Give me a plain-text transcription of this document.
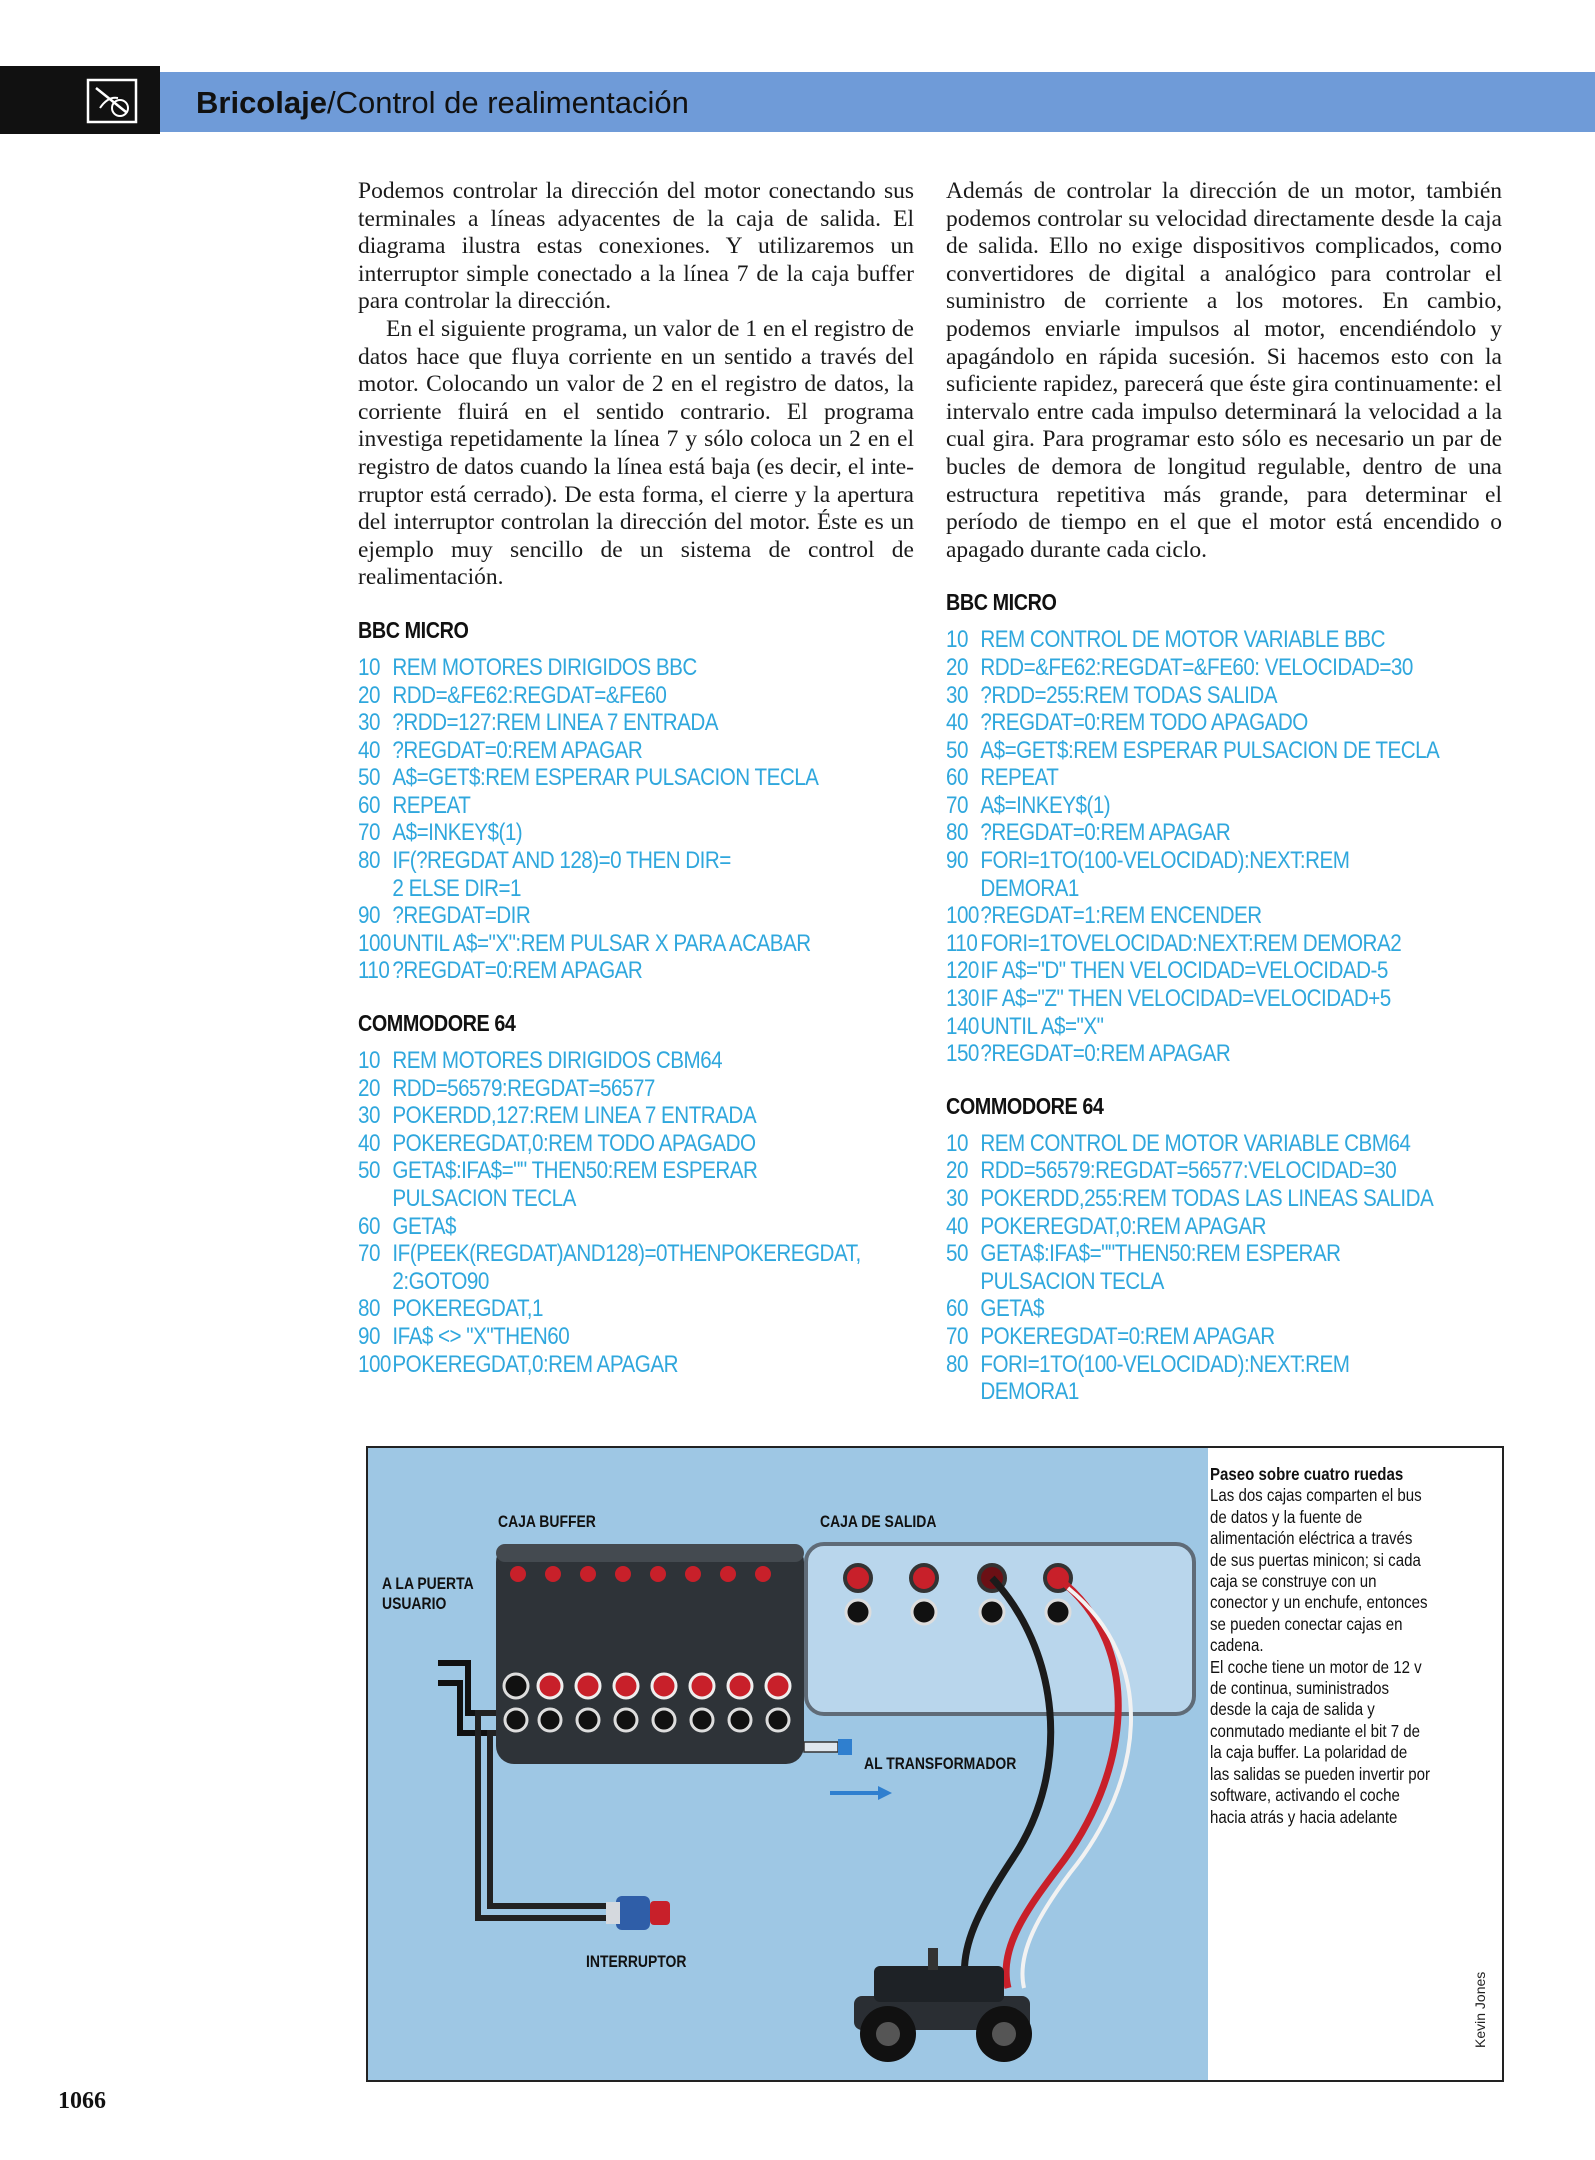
Bricolaje/Control de realimentación

Podemos controlar la dirección del motor conectando sus terminales a líneas adyacentes de la caja de salida. El diagrama ilustra estas conexiones. Y utilizaremos un interruptor simple conectado a la línea 7 de la caja buffer para controlar la dirección.

En el siguiente programa, un valor de 1 en el registro de datos hace que fluya corriente en un sentido a través del motor. Colocando un valor de 2 en el registro de datos, la corriente fluirá en el sentido contrario. El programa investiga repetidamente la línea 7 y sólo coloca un 2 en el registro de datos cuando la línea está baja (es decir, el interruptor está cerrado). De esta forma, el cierre y la apertura del interruptor controlan la dirección del motor. Éste es un ejemplo muy sencillo de un sistema de control de realimentación.

BBC MICRO
10 REM MOTORES DIRIGIDOS BBC
20 RDD=&FE62:REGDAT=&FE60
30 ?RDD=127:REM LINEA 7 ENTRADA
40 ?REGDAT=0:REM APAGAR
50 A$=GET$:REM ESPERAR PULSACION TECLA
60 REPEAT
70 A$=INKEY$(1)
80 IF(?REGDAT AND 128)=0 THEN DIR=
2 ELSE DIR=1
90 ?REGDAT=DIR
100UNTIL A$="X":REM PULSAR X PARA ACABAR
110 ?REGDAT=0:REM APAGAR
COMMODORE 64
10 REM MOTORES DIRIGIDOS CBM64
20 RDD=56579:REGDAT=56577
30 POKERDD,127:REM LINEA 7 ENTRADA
40 POKEREGDAT,0:REM TODO APAGADO
50 GETA$:IFA$="" THEN50:REM ESPERAR
PULSACION TECLA
60 GETA$
70 IF(PEEK(REGDAT)AND128)=0THENPOKEREGDAT,
2:GOTO90
80 POKEREGDAT,1
90 IFA$ <> "X"THEN60
100POKEREGDAT,0:REM APAGAR

Además de controlar la dirección de un motor, también podemos controlar su velocidad directamente desde la caja de salida. Ello no exige dispositivos complicados, como convertidores de digital a analógico para controlar el suministro de corriente a los motores. En cambio, podemos enviarle impulsos al motor, encendiéndolo y apagándolo en rápida sucesión. Si hacemos esto con la suficiente rapidez, parecerá que éste gira continuamente: el intervalo entre cada impulso determinará la velocidad a la cual gira. Para programar esto sólo es necesario un par de bucles de demora de longitud regulable, dentro de una estructura repetitiva más grande, para determinar el período de tiempo en el que el motor está encendido o apagado durante cada ciclo.

BBC MICRO
10 REM CONTROL DE MOTOR VARIABLE BBC
20 RDD=&FE62:REGDAT=&FE60: VELOCIDAD=30
30 ?RDD=255:REM TODAS SALIDA
40 ?REGDAT=0:REM TODO APAGADO
50 A$=GET$:REM ESPERAR PULSACION DE TECLA
60 REPEAT
70 A$=INKEY$(1)
80 ?REGDAT=0:REM APAGAR
90 FORI=1TO(100-VELOCIDAD):NEXT:REM
DEMORA1
100?REGDAT=1:REM ENCENDER
110 FORI=1TOVELOCIDAD:NEXT:REM DEMORA2
120IF A$="D" THEN VELOCIDAD=VELOCIDAD-5
130IF A$="Z" THEN VELOCIDAD=VELOCIDAD+5
140UNTIL A$="X"
150?REGDAT=0:REM APAGAR
COMMODORE 64
10 REM CONTROL DE MOTOR VARIABLE CBM64
20 RDD=56579:REGDAT=56577:VELOCIDAD=30
30 POKERDD,255:REM TODAS LAS LINEAS SALIDA
40 POKEREGDAT,0:REM APAGAR
50 GETA$:IFA$=""THEN50:REM ESPERAR
PULSACION TECLA
60 GETA$
70 POKEREGDAT=0:REM APAGAR
80 FORI=1TO(100-VELOCIDAD):NEXT:REM
DEMORA1
CAJA BUFFER	CAJA DE SALIDA
A LA PUERTA
USUARIO
AL TRANSFORMADOR
INTERRUPTOR

Paseo sobre cuatro ruedas

Las dos cajas comparten el bus

de datos y la fuente de

alimentación eléctrica a través

de sus puertas minicon; si cada

caja se construye con un

conector y un enchufe, entonces

se pueden conectar cajas en

cadena.

El coche tiene un motor de 12 v

de continua, suministrados

desde la caja de salida y

conmutado mediante el bit 7 de

la caja buffer. La polaridad de

las salidas se pueden invertir por

software, activando el coche

hacia atrás y hacia adelante

Kevin Jones
1066
